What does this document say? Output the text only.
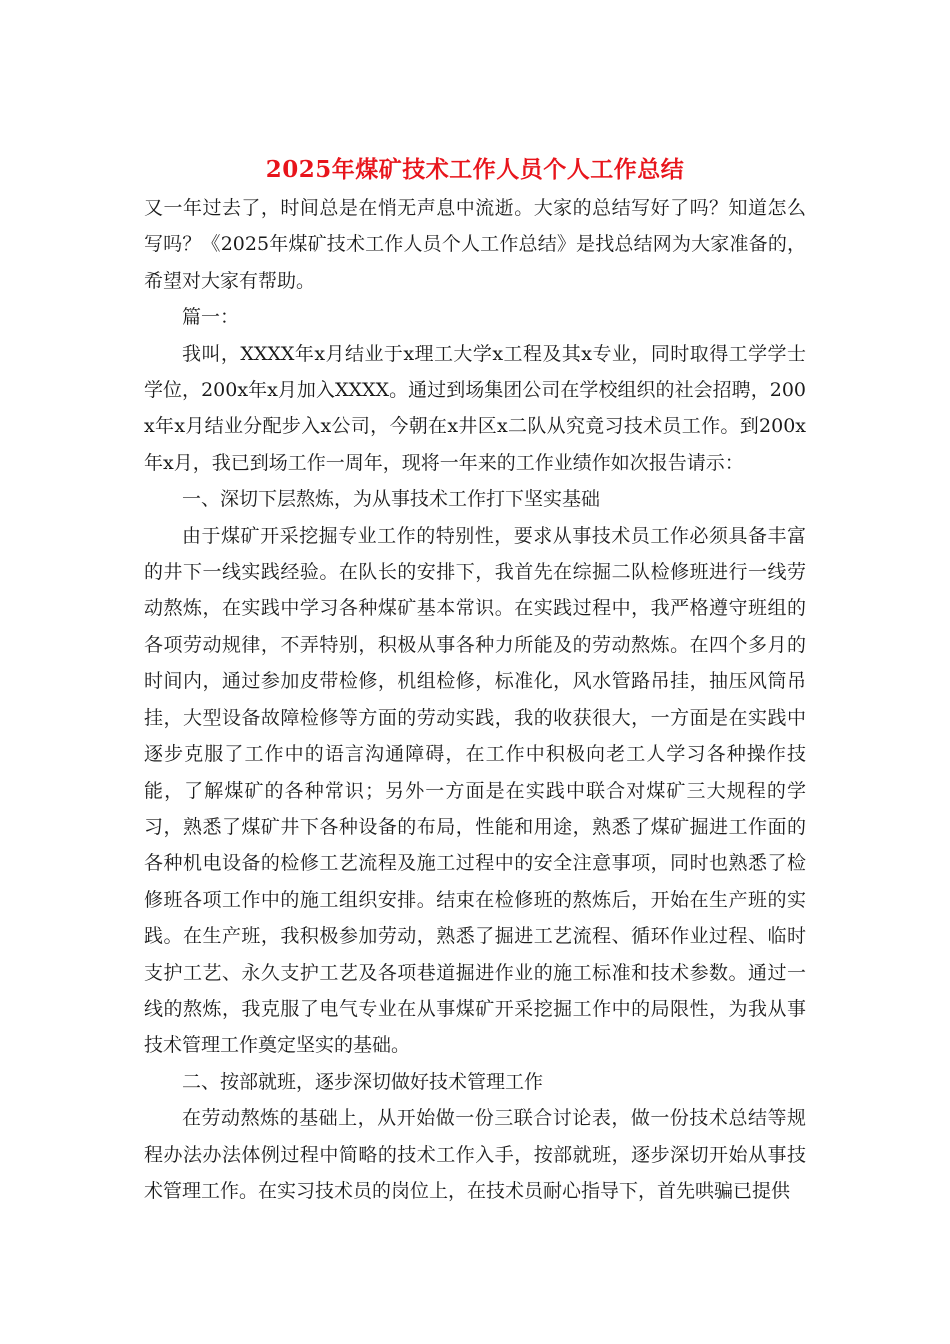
2025年煤矿技术工作人员个人工作总结

又一年过去了，时间总是在悄无声息中流逝。大家的总结写好了吗？知道怎么写吗？《2025年煤矿技术工作人员个人工作总结》是找总结网为大家准备的，希望对大家有帮助。

篇一：

我叫，XXXX年x月结业于x理工大学x工程及其x专业，同时取得工学学士学位，200x年x月加入XXXX。通过到场集团公司在学校组织的社会招聘，200x年x月结业分配步入x公司，今朝在x井区x二队从究竟习技术员工作。到200x年x月，我已到场工作一周年，现将一年来的工作业绩作如次报告请示：

一、深切下层熬炼，为从事技术工作打下坚实基础

由于煤矿开采挖掘专业工作的特别性，要求从事技术员工作必须具备丰富的井下一线实践经验。在队长的安排下，我首先在综掘二队检修班进行一线劳动熬炼，在实践中学习各种煤矿基本常识。在实践过程中，我严格遵守班组的各项劳动规律，不弄特别，积极从事各种力所能及的劳动熬炼。在四个多月的时间内，通过参加皮带检修，机组检修，标准化，风水管路吊挂，抽压风筒吊挂，大型设备故障检修等方面的劳动实践，我的收获很大，一方面是在实践中逐步克服了工作中的语言沟通障碍，在工作中积极向老工人学习各种操作技能，了解煤矿的各种常识；另外一方面是在实践中联合对煤矿三大规程的学习，熟悉了煤矿井下各种设备的布局，性能和用途，熟悉了煤矿掘进工作面的各种机电设备的检修工艺流程及施工过程中的安全注意事项，同时也熟悉了检修班各项工作中的施工组织安排。结束在检修班的熬炼后，开始在生产班的实践。在生产班，我积极参加劳动，熟悉了掘进工艺流程、循环作业过程、临时支护工艺、永久支护工艺及各项巷道掘进作业的施工标准和技术参数。通过一线的熬炼，我克服了电气专业在从事煤矿开采挖掘工作中的局限性，为我从事技术管理工作奠定坚实的基础。

二、按部就班，逐步深切做好技术管理工作

在劳动熬炼的基础上，从开始做一份三联合讨论表，做一份技术总结等规程办法办法体例过程中简略的技术工作入手，按部就班，逐步深切开始从事技术管理工作。在实习技术员的岗位上，在技术员耐心指导下，首先哄骗已提供
